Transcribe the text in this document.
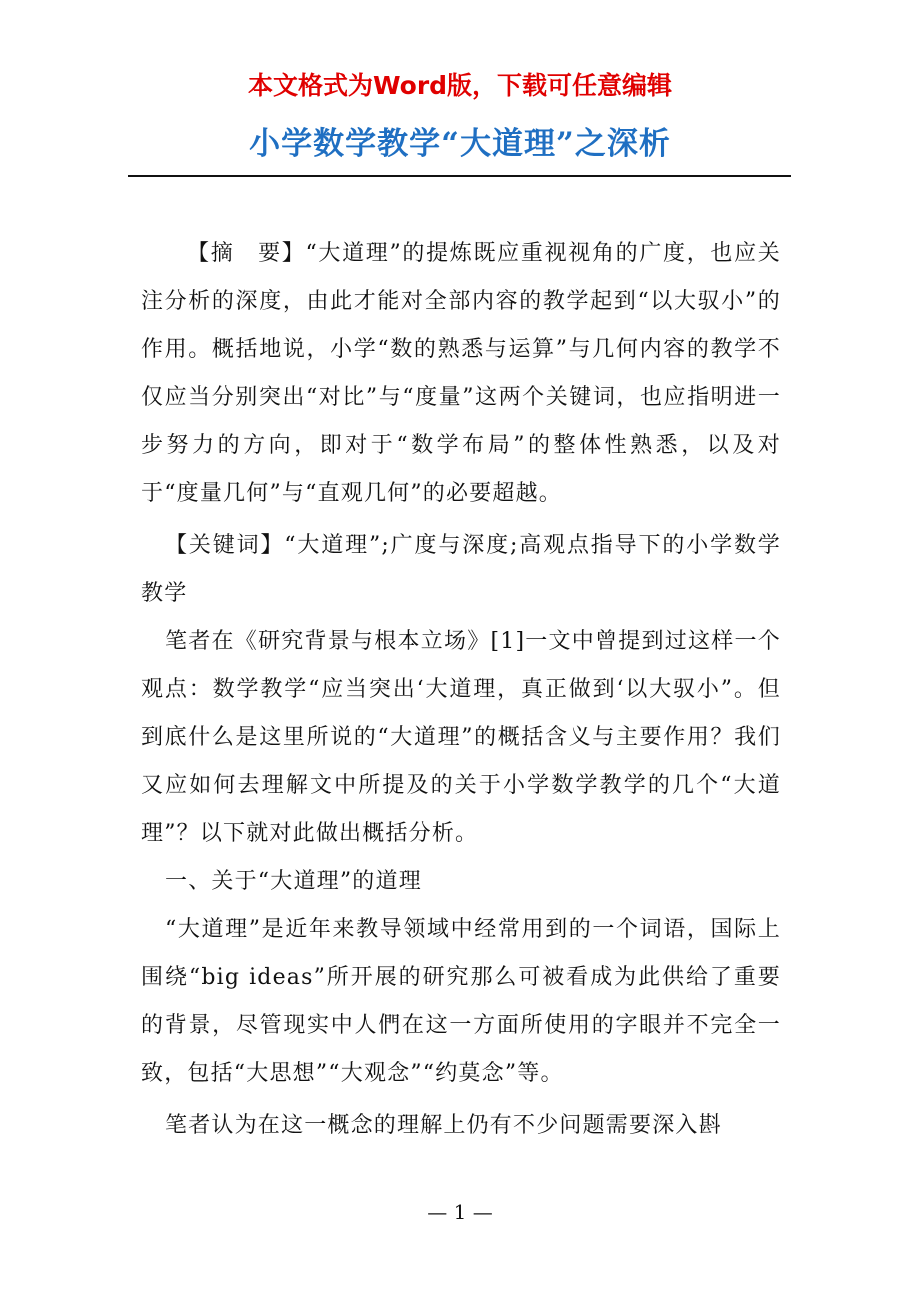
本文格式为Word版，下载可任意编辑
小学数学教学“大道理”之深析

【摘　要】“大道理”的提炼既应重视视角的广度，也应关注分析的深度，由此才能对全部内容的教学起到“以大驭小”的作用。概括地说，小学“数的熟悉与运算”与几何内容的教学不仅应当分别突出“对比”与“度量”这两个关键词，也应指明进一步努力的方向，即对于“数学布局”的整体性熟悉，以及对于“度量几何”与“直观几何”的必要超越。

【关键词】“大道理”;广度与深度;高观点指导下的小学数学教学

笔者在《研究背景与根本立场》[1]一文中曾提到过这样一个观点：数学教学“应当突出‘大道理，真正做到‘以大驭小”。但到底什么是这里所说的“大道理”的概括含义与主要作用？我们又应如何去理解文中所提及的关于小学数学教学的几个“大道理”？以下就对此做出概括分析。

一、关于“大道理”的道理

“大道理”是近年来教导领域中经常用到的一个词语，国际上围绕“big ideas”所开展的研究那么可被看成为此供给了重要的背景，尽管现实中人們在这一方面所使用的字眼并不完全一致，包括“大思想”“大观念”“约莫念”等。

笔者认为在这一概念的理解上仍有不少问题需要深入斟

— 1 —
